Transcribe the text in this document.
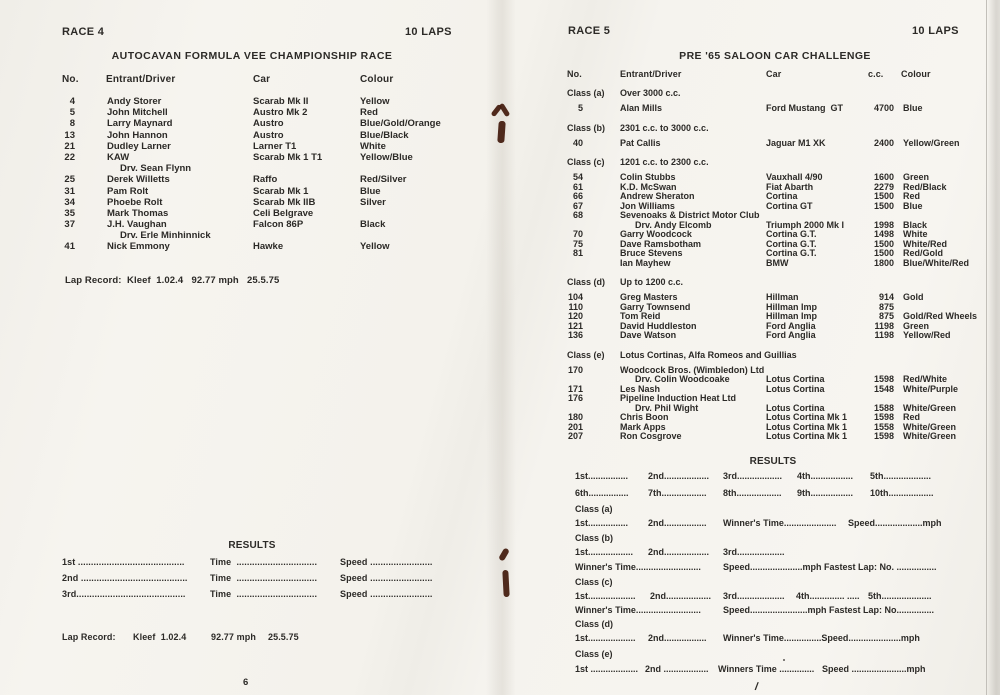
RACE 4	10 LAPS
AUTOCAVAN FORMULA VEE CHAMPIONSHIP RACE
No.	Entrant/Driver	Car	Colour
4	Andy Storer	Scarab Mk II	Yellow
5	John Mitchell	Austro Mk 2	Red
8	Larry Maynard	Austro	Blue/Gold/Orange
13	John Hannon	Austro	Blue/Black
21	Dudley Larner	Larner T1	White
22	KAW	Scarab Mk 1 T1	Yellow/Blue
Drv. Sean Flynn
25	Derek Willetts	Raffo	Red/Silver
31	Pam Rolt	Scarab Mk 1	Blue
34	Phoebe Rolt	Scarab Mk IIB	Silver
35	Mark Thomas	Celi Belgrave
37	J.H. Vaughan	Falcon 86P	Black
Drv. Erle Minhinnick
41	Nick Emmony	Hawke	Yellow
Lap Record:  Kleef  1.02.4   92.77 mph   25.5.75
RESULTS
1st .........................................	Time  ...............................	Speed ........................
2nd ......................................... Time  ...............................	Speed ........................
3rd..........................................	Time  ...............................	Speed ........................
Lap Record: Kleef  1.02.4	92.77 mph 25.5.75
6
RACE 5	10 LAPS
PRE '65 SALOON CAR CHALLENGE
No.	Entrant/Driver	Car	c.c. Colour
Class (a) Over 3000 c.c.
5	Alan Mills	Ford Mustang  GT	4700 Blue
Class (b) 2301 c.c. to 3000 c.c.
40	Pat Callis	Jaguar M1 XK	2400 Yellow/Green
Class (c) 1201 c.c. to 2300 c.c.
54	Colin Stubbs	Vauxhall 4/90	1600 Green
61	K.D. McSwan	Fiat Abarth	2279 Red/Black
66	Andrew Sheraton	Cortina	1500 Red
67	Jon Williams	Cortina GT	1500 Blue
68	Sevenoaks & District Motor Club
Drv. Andy Elcomb	Triumph 2000 Mk I	1998 Black
70	Garry Woodcock	Cortina G.T.	1498 White
75	Dave Ramsbotham	Cortina G.T.	1500 White/Red
81	Bruce Stevens	Cortina G.T.	1500 Red/Gold
Ian Mayhew	BMW	1800 Blue/White/Red
Class (d) Up to 1200 c.c.
104	Greg Masters	Hillman	914 Gold
110	Garry Townsend	Hillman Imp	875
120	Tom Reid	Hillman Imp	875 Gold/Red Wheels
121	David Huddleston	Ford Anglia	1198 Green
136	Dave Watson	Ford Anglia	1198 Yellow/Red
Class (e) Lotus Cortinas, Alfa Romeos and Guillias
170	Woodcock Bros. (Wimbledon) Ltd
Drv. Colin Woodcoake	Lotus Cortina	1598 Red/White
171	Les Nash	Lotus Cortina	1548 White/Purple
176	Pipeline Induction Heat Ltd
Drv. Phil Wight	Lotus Cortina	1588 White/Green
180	Chris Boon	Lotus Cortina Mk 1	1598 Red
201	Mark Apps	Lotus Cortina Mk 1	1558 White/Green
207	Ron Cosgrove	Lotus Cortina Mk 1	1598 White/Green
RESULTS
1st................ 2nd.................. 3rd.................. 4th................. 5th...................
6th................ 7th.................. 8th.................. 9th................. 10th..................
Class (a)
1st................ 2nd................. Winner's Time..................... Speed...................mph
Class (b)
1st.................. 2nd.................. 3rd...................
Winner's Time.......................... Speed.....................mph Fastest Lap: No. ................
Class (c)
1st................... 2nd.................. 3rd................... 4th.............. ..... 5th....................
Winner's Time.......................... Speed.......................mph Fastest Lap: No...............
Class (d)
1st................... 2nd................. Winner's Time...............Speed.....................mph
Class (e)
1st ................... 2nd .................. Winners Time .............. Speed ......................mph
/
